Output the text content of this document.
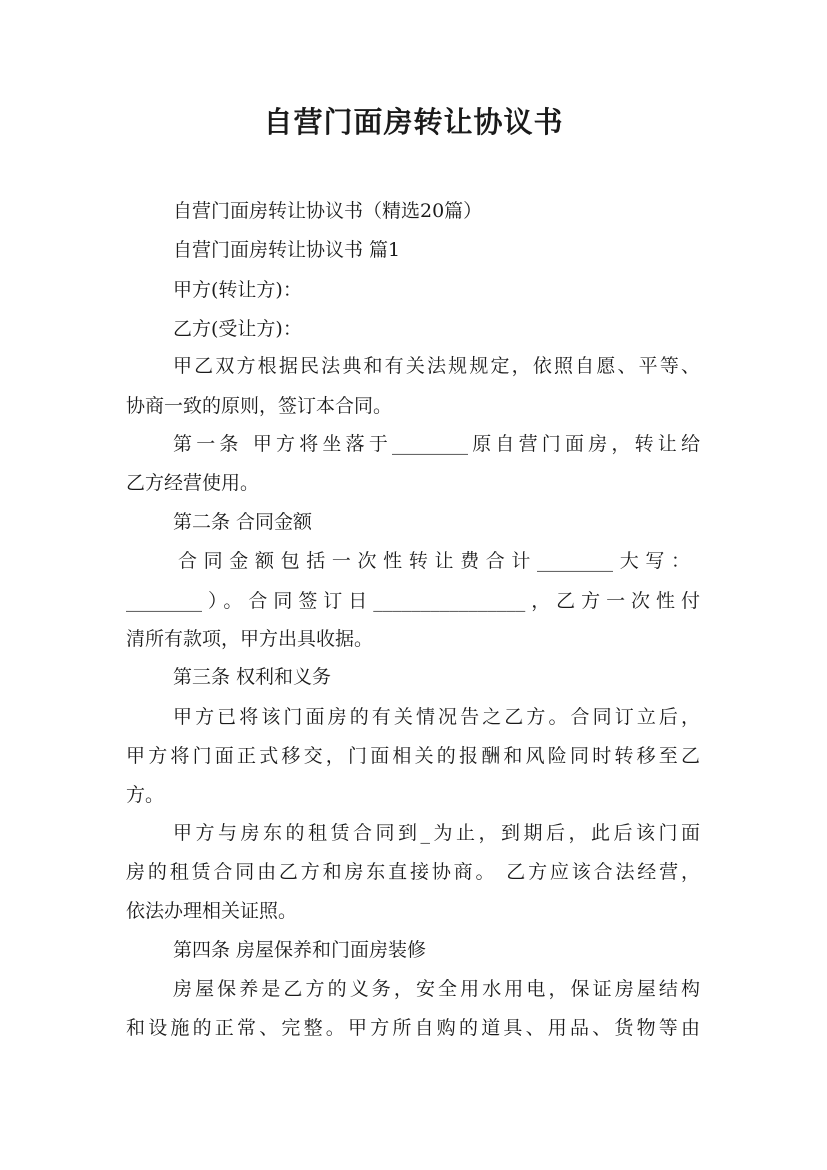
自营门面房转让协议书
自营门面房转让协议书（精选20篇）
自营门面房转让协议书 篇1
甲方(转让方)：
乙方(受让方)：
甲乙双方根据民法典和有关法规规定，依照自愿、平等、
协商一致的原则，签订本合同。
第一条 甲方将坐落于________原自营门面房，转让给
乙方经营使用。
第二条 合同金额
合同金额包括一次性转让费合计________大写：
________）。合同签订日________________，乙方一次性付
清所有款项，甲方出具收据。
第三条 权利和义务
甲方已将该门面房的有关情况告之乙方。合同订立后，
甲方将门面正式移交，门面相关的报酬和风险同时转移至乙
方。
甲方与房东的租赁合同到_为止，到期后，此后该门面
房的租赁合同由乙方和房东直接协商。 乙方应该合法经营，
依法办理相关证照。
第四条 房屋保养和门面房装修
房屋保养是乙方的义务，安全用水用电，保证房屋结构
和设施的正常、完整。甲方所自购的道具、用品、货物等由
